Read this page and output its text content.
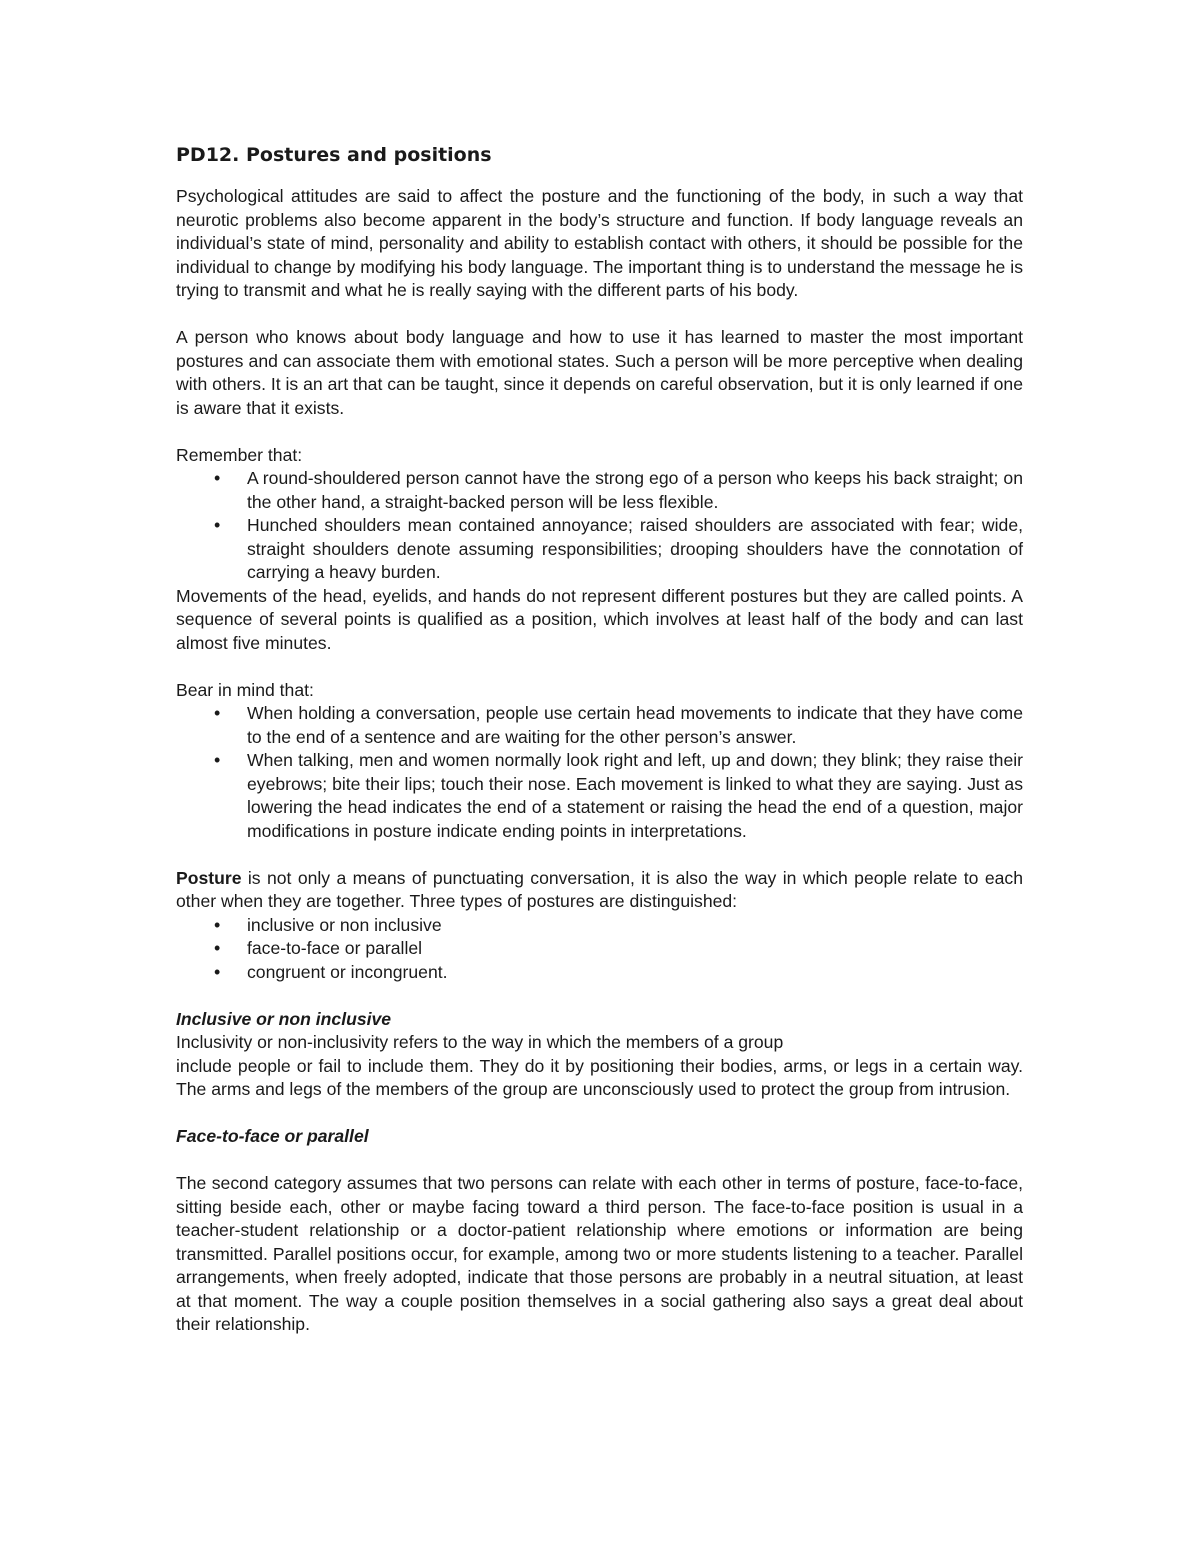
PD12. Postures and positions

Psychological attitudes are said to affect the posture and the functioning of the body, in such a way that neurotic problems also become apparent in the body’s structure and function. If body language reveals an individual’s state of mind, personality and ability to establish contact with others, it should be possible for the individual to change by modifying his body language. The important thing is to understand the message he is trying to transmit and what he is really saying with the different parts of his body.

A person who knows about body language and how to use it has learned to master the most important postures and can associate them with emotional states. Such a person will be more perceptive when dealing with others. It is an art that can be taught, since it depends on careful observation, but it is only learned if one is aware that it exists.

Remember that:

• A round-shouldered person cannot have the strong ego of a person who keeps his back straight; on the other hand, a straight-backed person will be less flexible.
• Hunched shoulders mean contained annoyance; raised shoulders are associated with fear; wide, straight shoulders denote assuming responsibilities; drooping shoulders have the connotation of carrying a heavy burden.

Movements of the head, eyelids, and hands do not represent different postures but they are called points. A sequence of several points is qualified as a position, which involves at least half of the body and can last almost five minutes.

Bear in mind that:

• When holding a conversation, people use certain head movements to indicate that they have come to the end of a sentence and are waiting for the other person’s answer.
• When talking, men and women normally look right and left, up and down; they blink; they raise their eyebrows; bite their lips; touch their nose. Each movement is linked to what they are saying. Just as lowering the head indicates the end of a statement or raising the head the end of a question, major modifications in posture indicate ending points in interpretations.

Posture is not only a means of punctuating conversation, it is also the way in which people relate to each other when they are together. Three types of postures are distinguished:

• inclusive or non inclusive
• face-to-face or parallel
• congruent or incongruent.

Inclusive or non inclusive

Inclusivity or non-inclusivity refers to the way in which the members of a group

include people or fail to include them. They do it by positioning their bodies, arms, or legs in a certain way. The arms and legs of the members of the group are unconsciously used to protect the group from intrusion.

Face-to-face or parallel

The second category assumes that two persons can relate with each other in terms of posture, face-to-face, sitting beside each, other or maybe facing toward a third person. The face-to-face position is usual in a teacher-student relationship or a doctor-patient relationship where emotions or information are being transmitted. Parallel positions occur, for example, among two or more students listening to a teacher. Parallel arrangements, when freely adopted, indicate that those persons are probably in a neutral situation, at least at that moment. The way a couple position themselves in a social gathering also says a great deal about their relationship.
